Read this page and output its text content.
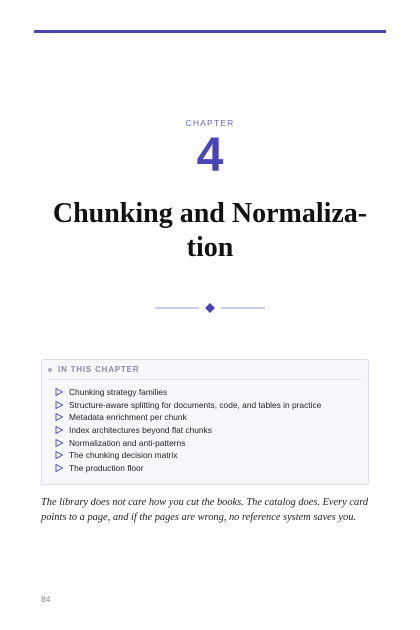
CHAPTER
4
Chunking and Normaliza-
tion
IN THIS CHAPTER
Chunking strategy families
Structure-aware splitting for documents, code, and tables in practice
Metadata enrichment per chunk
Index architectures beyond flat chunks
Normalization and anti-patterns
The chunking decision matrix
The production floor
The library does not care how you cut the books. The catalog does. Every card
points to a page, and if the pages are wrong, no reference system saves you.
84
